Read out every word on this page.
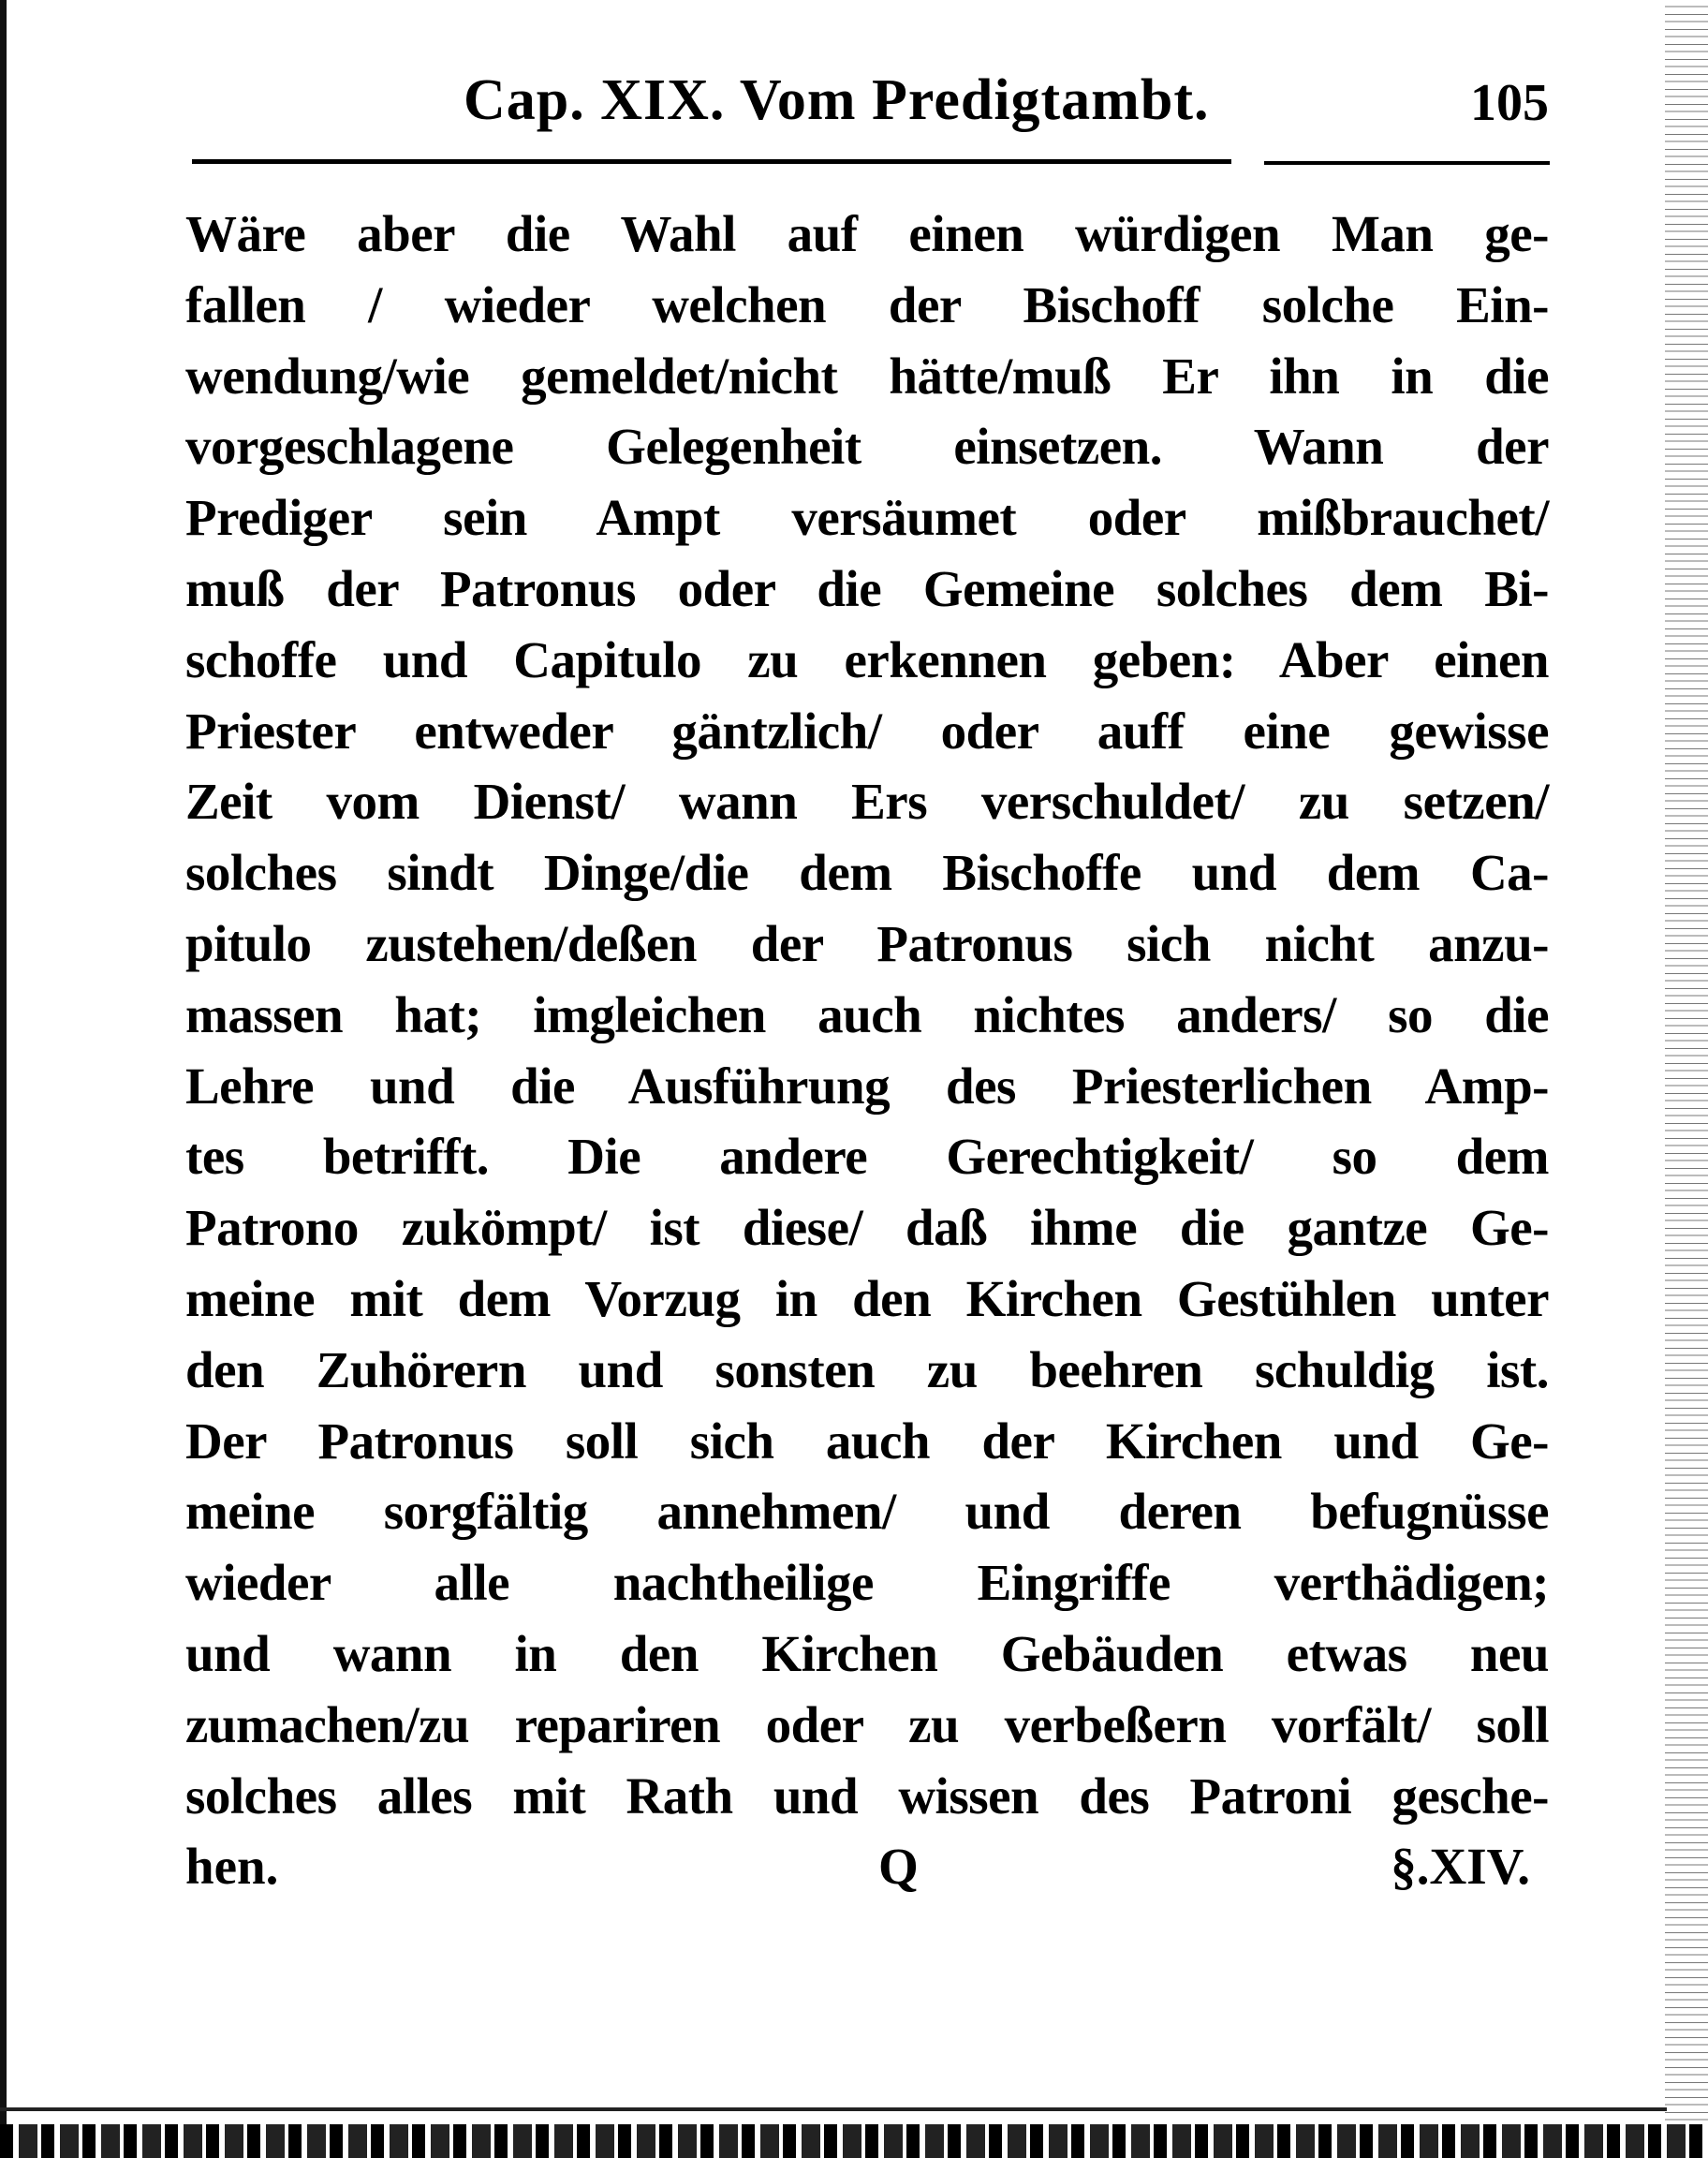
Cap. XIX. Vom Predigtambt.	105
Wäre aber die Wahl auf einen würdigen Man ge-
fallen / wieder welchen der Bischoff solche Ein-
wendung/wie gemeldet/nicht hätte/muß Er ihn in die
vorgeschlagene Gelegenheit einsetzen. Wann der
Prediger sein Ampt versäumet oder mißbrauchet/
muß der Patronus oder die Gemeine solches dem Bi-
schoffe und Capitulo zu erkennen geben: Aber einen
Priester entweder gäntzlich/ oder auff eine gewisse
Zeit vom Dienst/ wann Ers verschuldet/ zu setzen/
solches sindt Dinge/die dem Bischoffe und dem Ca-
pitulo zustehen/deßen der Patronus sich nicht anzu-
massen hat; imgleichen auch nichtes anders/ so die
Lehre und die Ausführung des Priesterlichen Amp-
tes betrifft. Die andere Gerechtigkeit/ so dem
Patrono zukömpt/ ist diese/ daß ihme die gantze Ge-
meine mit dem Vorzug in den Kirchen Gestühlen unter
den Zuhörern und sonsten zu beehren schuldig ist.
Der Patronus soll sich auch der Kirchen und Ge-
meine sorgfältig annehmen/ und deren befugnüsse
wieder alle nachtheilige Eingriffe verthädigen;
und wann in den Kirchen Gebäuden etwas neu
zumachen/zu repariren oder zu verbeßern vorfält/ soll
solches alles mit Rath und wissen des Patroni gesche-
hen.	Q	§.XIV.
